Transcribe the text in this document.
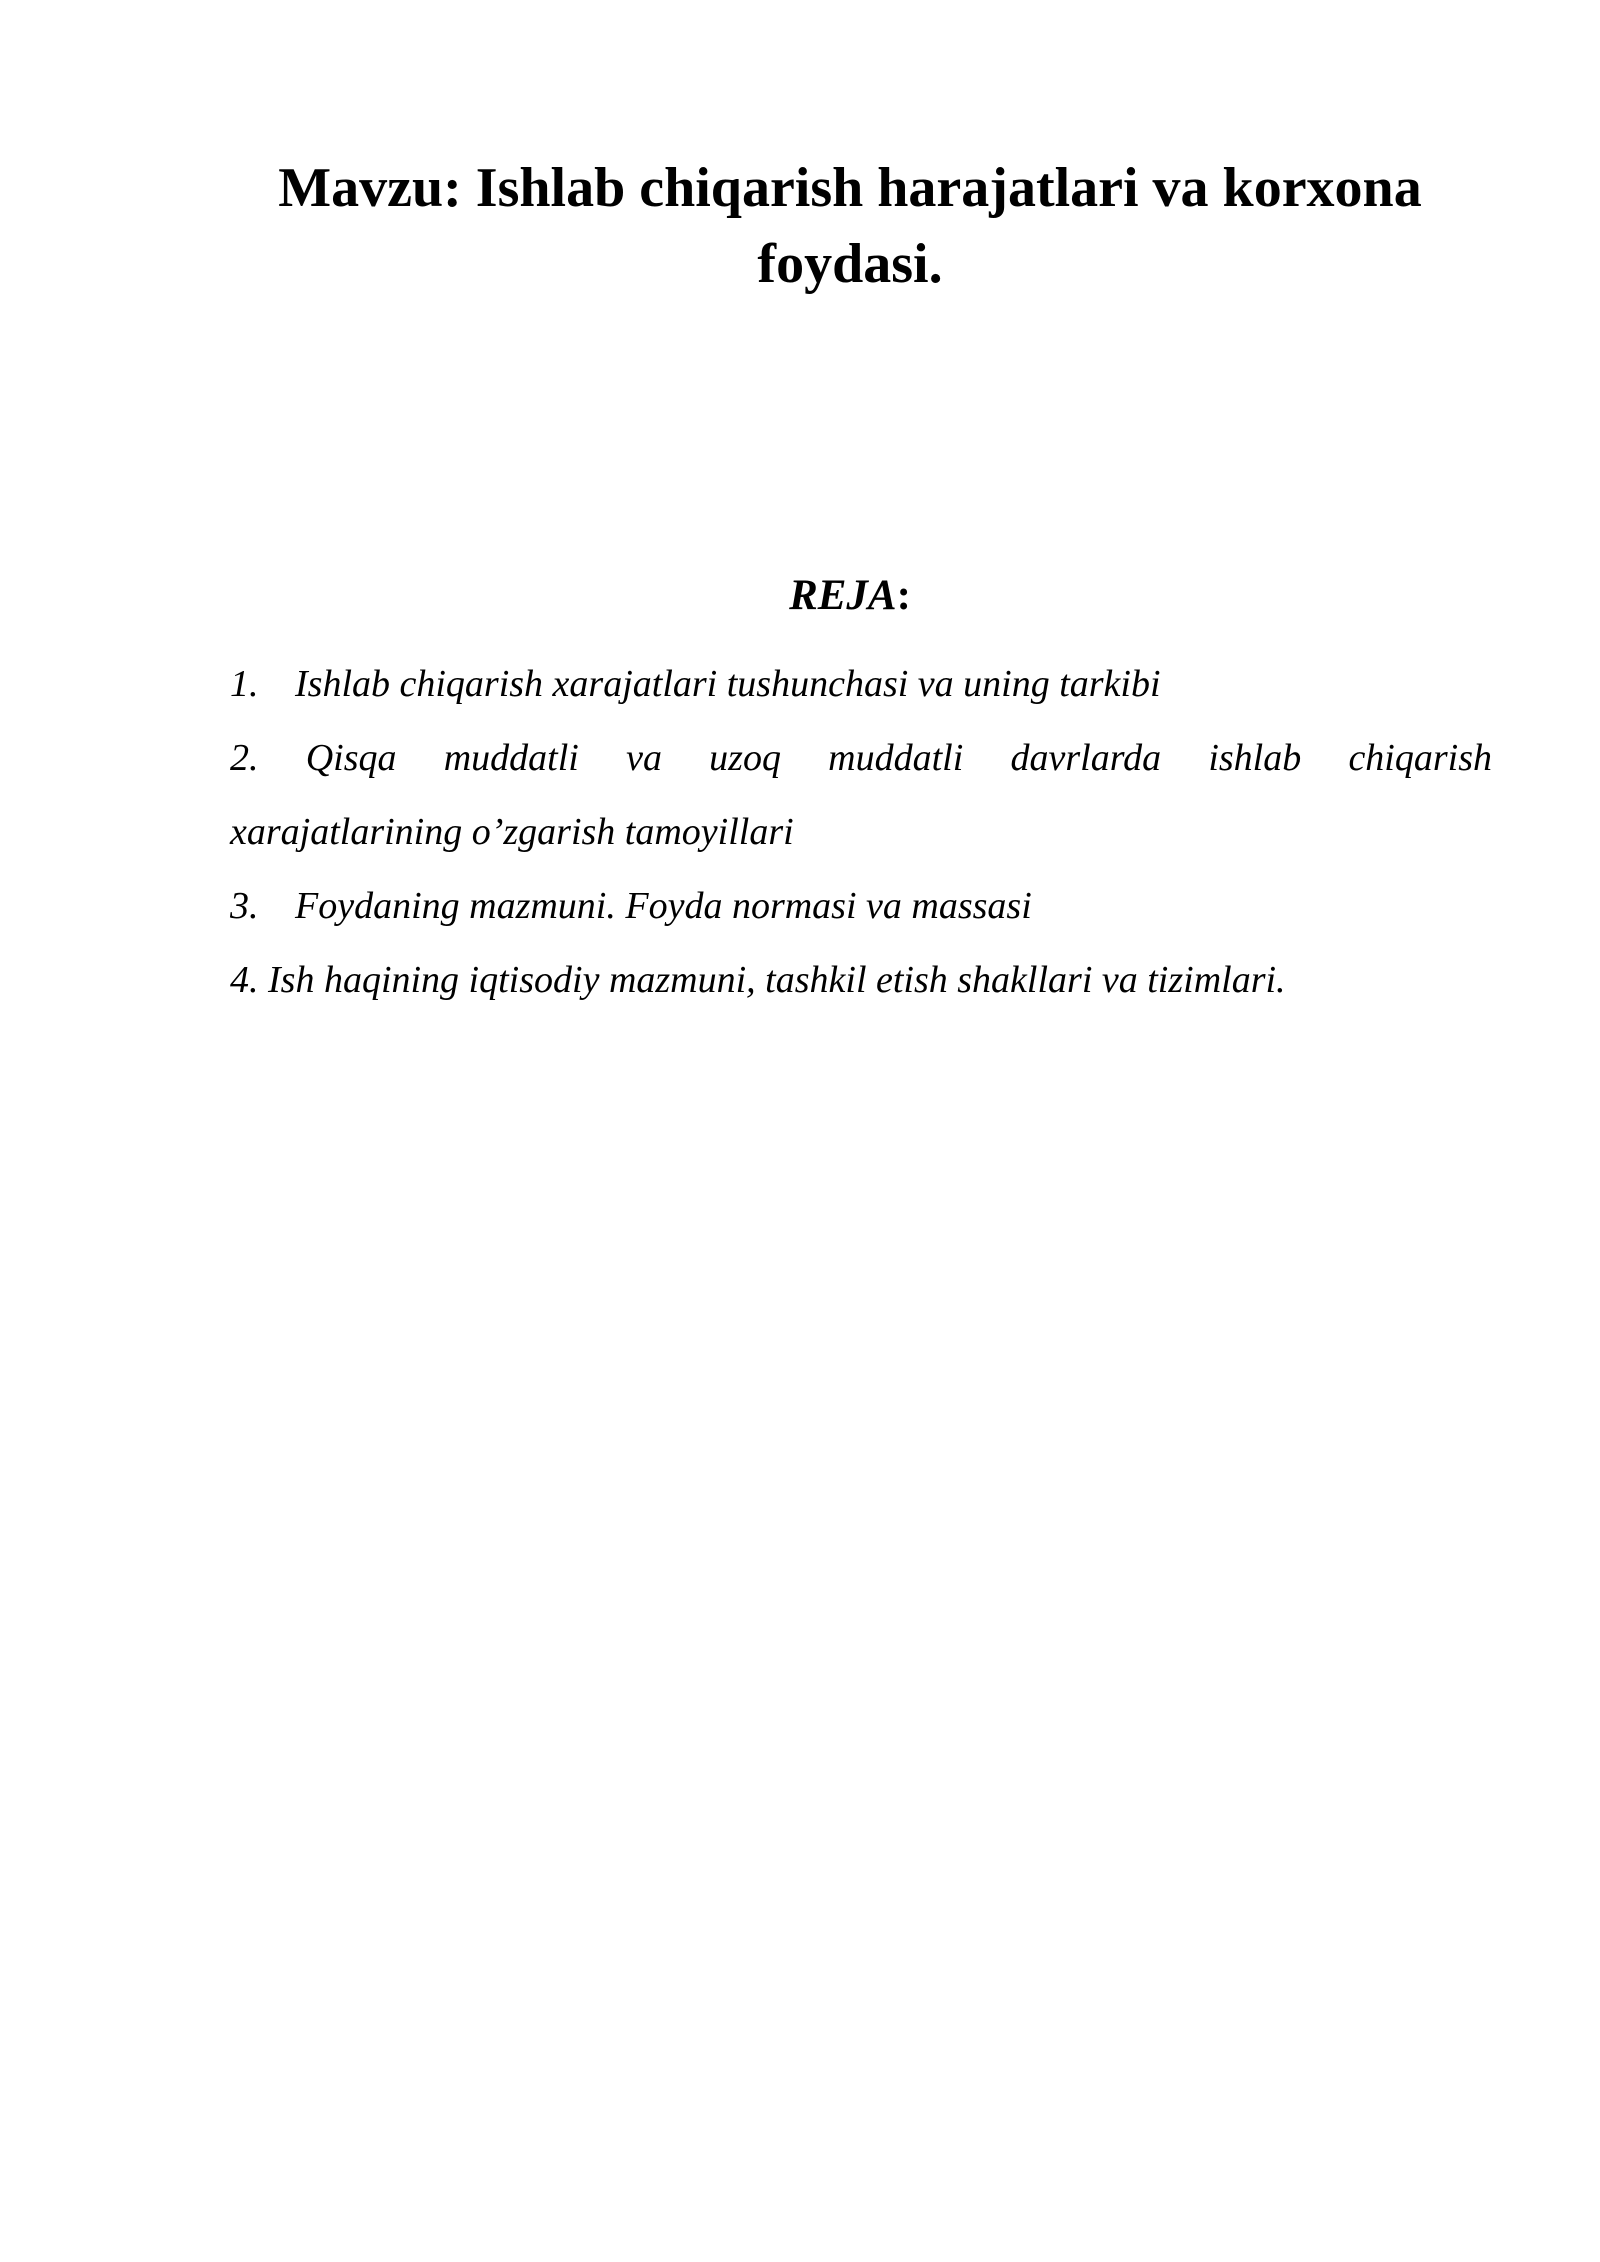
Mavzu: Ishlab chiqarish harajatlari va korxona foydasi.
REJA:
1. Ishlab chiqarish xarajatlari tushunchasi va uning tarkibi
2. Qisqa muddatli va uzoq muddatli davrlarda ishlab chiqarish
xarajatlarining o’zgarish tamoyillari
3. Foydaning mazmuni. Foyda normasi va massasi
4. Ish haqining iqtisodiy mazmuni, tashkil etish shakllari va tizimlari.
